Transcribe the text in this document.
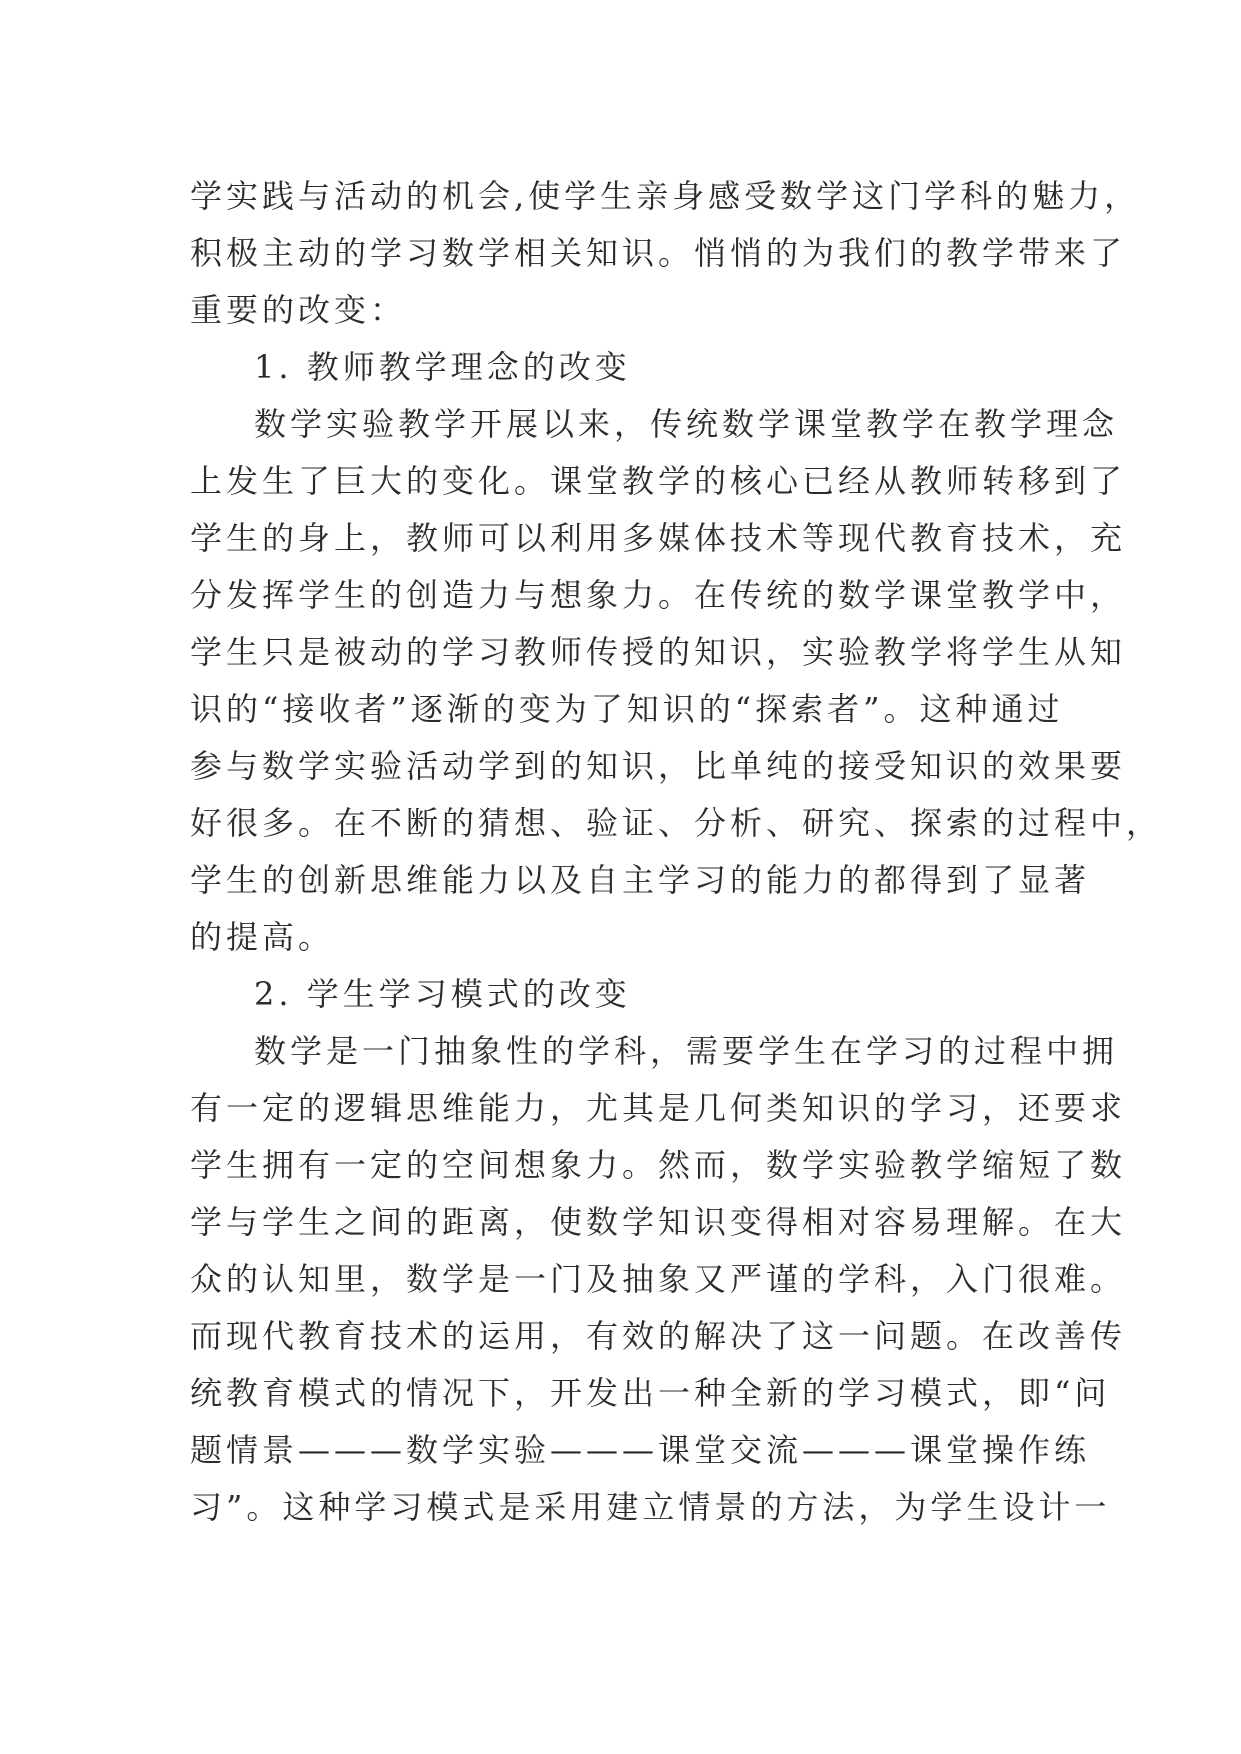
学实践与活动的机会,使学生亲身感受数学这门学科的魅力，
积极主动的学习数学相关知识。悄悄的为我们的教学带来了
重要的改变：
1. 教师教学理念的改变
数学实验教学开展以来，传统数学课堂教学在教学理念
上发生了巨大的变化。课堂教学的核心已经从教师转移到了
学生的身上，教师可以利用多媒体技术等现代教育技术，充
分发挥学生的创造力与想象力。在传统的数学课堂教学中，
学生只是被动的学习教师传授的知识，实验教学将学生从知
识的“接收者”逐渐的变为了知识的“探索者”。这种通过
参与数学实验活动学到的知识，比单纯的接受知识的效果要
好很多。在不断的猜想、验证、分析、研究、探索的过程中，
学生的创新思维能力以及自主学习的能力的都得到了显著
的提高。
2. 学生学习模式的改变
数学是一门抽象性的学科，需要学生在学习的过程中拥
有一定的逻辑思维能力，尤其是几何类知识的学习，还要求
学生拥有一定的空间想象力。然而，数学实验教学缩短了数
学与学生之间的距离，使数学知识变得相对容易理解。在大
众的认知里，数学是一门及抽象又严谨的学科，入门很难。
而现代教育技术的运用，有效的解决了这一问题。在改善传
统教育模式的情况下，开发出一种全新的学习模式，即“问
题情景———数学实验———课堂交流———课堂操作练
习”。这种学习模式是采用建立情景的方法，为学生设计一
